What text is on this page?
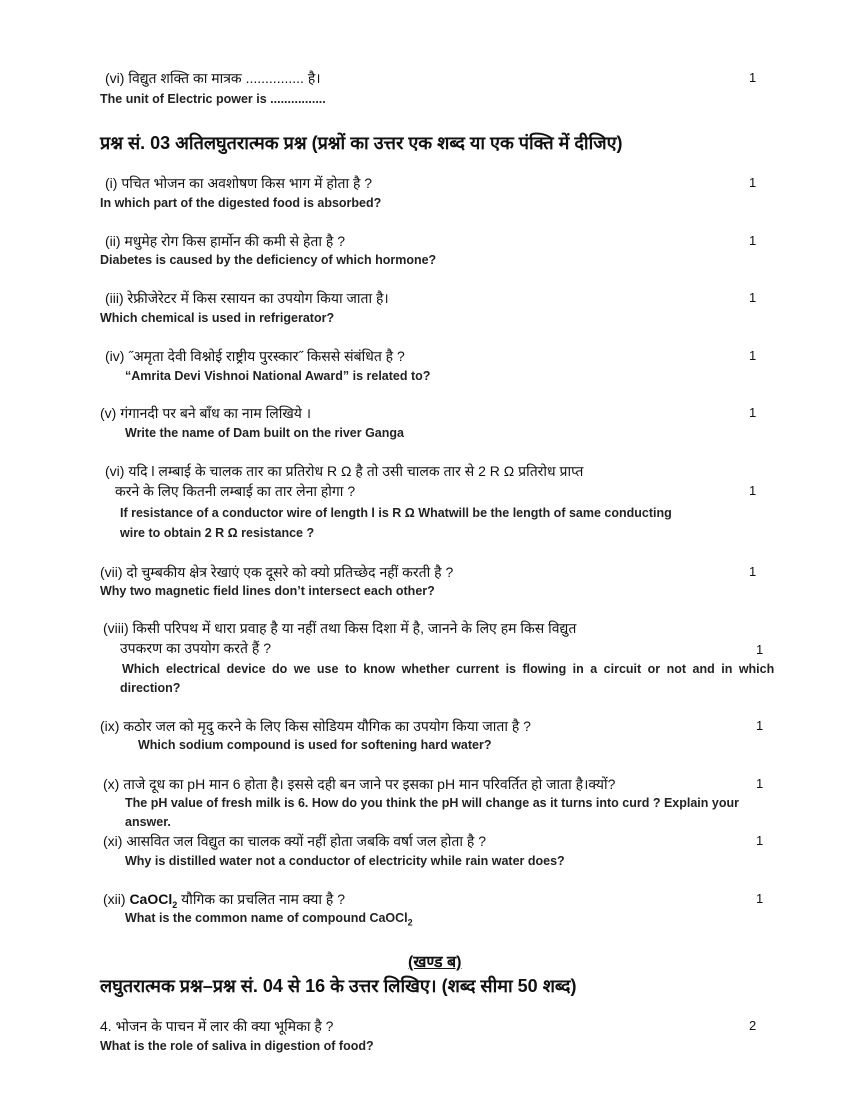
(vi) विद्युत शक्ति का मात्रक ............... है।	1
The unit of Electric power is ................
प्रश्न सं. 03 अतिलघुतरात्मक प्रश्न (प्रश्नों का उत्तर एक शब्द या एक पंक्ति में दीजिए)
(i) पचित भोजन का अवशोषण किस भाग में होता है ?	1
In which part of the digested food is absorbed?
(ii) मधुमेह रोग किस हार्मोन की कमी से हेता है ?	1
Diabetes is caused by the deficiency of which hormone?
(iii) रेफ्रीजेरेटर में किस रसायन का उपयोग किया जाता है।	1
Which chemical is used in refrigerator?
(iv) ˝अमृता देवी विश्नोई राष्ट्रीय पुरस्कार˝ किससे संबंधित है ?	1
“Amrita Devi Vishnoi National Award” is related to?
(v) गंगानदी पर बने बाँध का नाम लिखिये ।	1
Write the name of Dam built on the river Ganga
(vi) यदि l लम्बाई के चालक तार का प्रतिरोध R Ω है तो उसी चालक तार से 2 R Ω प्रतिरोध प्राप्त
करने के लिए कितनी लम्बाई का तार लेना होगा ?	1
If resistance of a conductor wire of length l is R Ω Whatwill be the length of same conducting
wire to obtain 2 R Ω resistance ?
(vii) दो चुम्बकीय क्षेत्र रेखाएं एक दूसरे को क्यो प्रतिच्छेद नहीं करती है ?	1
Why two magnetic field lines don’t intersect each other?
(viii) किसी परिपथ में धारा प्रवाह है या नहीं तथा किस दिशा में है, जानने के लिए हम किस विद्युत
उपकरण का उपयोग करते हैं ?	1
Which electrical device do we use to know whether current is flowing in a circuit or not and in which
direction?
(ix) कठोर जल को मृदु करने के लिए किस सोडियम यौगिक का उपयोग किया जाता है ?	1
Which sodium compound is used for softening hard water?
(x) ताजे दूध का pH मान 6 होता है। इससे दही बन जाने पर इसका pH मान परिवर्तित हो जाता है।क्यों?	1
The pH value of fresh milk is 6. How do you think the pH will change as it turns into curd ? Explain your
answer.
(xi) आसवित जल विद्युत का चालक क्यों नहीं होता जबकि वर्षा जल होता है ?	1
Why is distilled water not a conductor of electricity while rain water does?
(xii) CaOCl$_2$ यौगिक का प्रचलित नाम क्या है ?	1
What is the common name of compound CaOCl$_2$
(खण्ड ब)
लघुतरात्मक प्रश्न–प्रश्न सं. 04 से 16 के उत्तर लिखिए। (शब्द सीमा 50 शब्द)
4. भोजन के पाचन में लार की क्या भूमिका है ?	2
What is the role of saliva in digestion of food?
